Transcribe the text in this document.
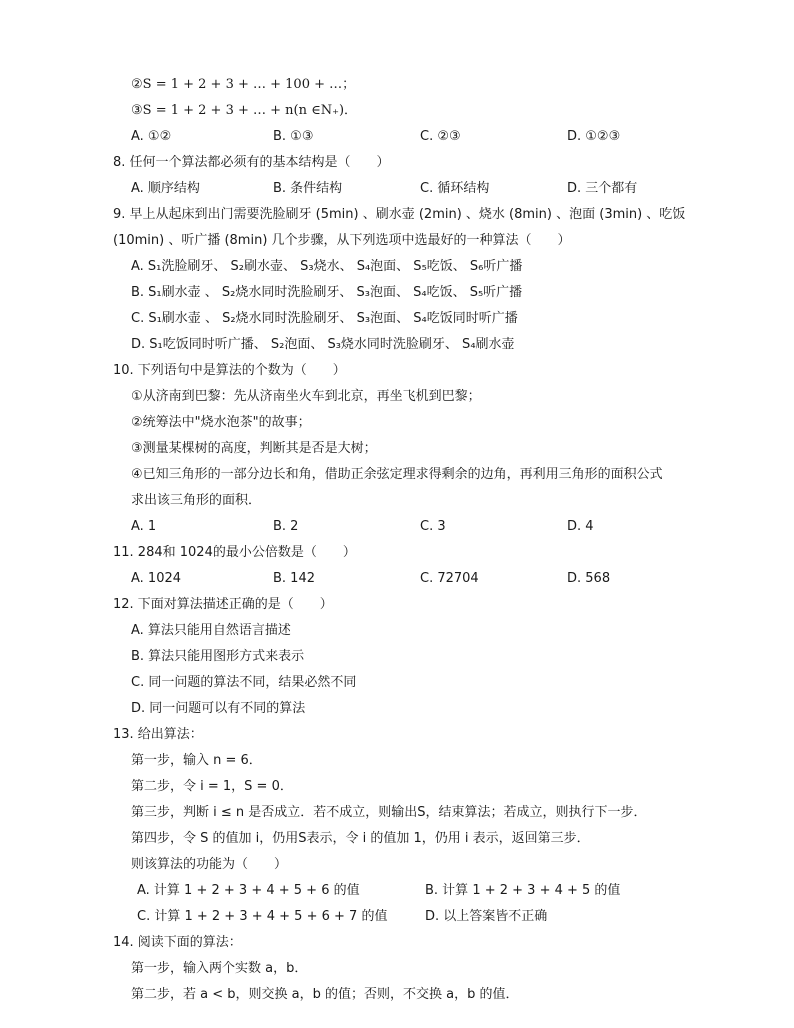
②S = 1 + 2 + 3 + … + 100 + …；
③S = 1 + 2 + 3 + … + n(n ∈N₊)．
A. ①②	B. ①③	C. ②③	D. ①②③
8. 任何一个算法都必须有的基本结构是（　　）
A. 顺序结构	B. 条件结构	C. 循环结构	D. 三个都有
9. 早上从起床到出门需要洗脸刷牙 (5min) 、刷水壶 (2min) 、烧水 (8min) 、泡面 (3min) 、吃饭
(10min) 、听广播 (8min) 几个步骤，从下列选项中选最好的一种算法（　　）
A. S₁洗脸刷牙、 S₂刷水壶、 S₃烧水、 S₄泡面、 S₅吃饭、 S₆听广播
B. S₁刷水壶 、 S₂烧水同时洗脸刷牙、 S₃泡面、 S₄吃饭、 S₅听广播
C. S₁刷水壶 、 S₂烧水同时洗脸刷牙、 S₃泡面、 S₄吃饭同时听广播
D. S₁吃饭同时听广播、 S₂泡面、 S₃烧水同时洗脸刷牙、 S₄刷水壶
10. 下列语句中是算法的个数为（　　）
①从济南到巴黎：先从济南坐火车到北京，再坐飞机到巴黎；
②统筹法中"烧水泡茶"的故事；
③测量某棵树的高度，判断其是否是大树；
④已知三角形的一部分边长和角，借助正余弦定理求得剩余的边角，再利用三角形的面积公式
求出该三角形的面积．
A. 1	B. 2	C. 3	D. 4
11. 284和 1024的最小公倍数是（　　）
A. 1024	B. 142	C. 72704	D. 568
12. 下面对算法描述正确的是（　　）
A. 算法只能用自然语言描述
B. 算法只能用图形方式来表示
C. 同一问题的算法不同，结果必然不同
D. 同一问题可以有不同的算法
13. 给出算法：
第一步，输入 n = 6．
第二步，令 i = 1，S = 0．
第三步，判断 i ≤ n 是否成立．若不成立，则输出S，结束算法；若成立，则执行下一步．
第四步，令 S 的值加 i，仍用S表示，令 i 的值加 1，仍用 i 表示，返回第三步．
则该算法的功能为（　　）
A. 计算 1 + 2 + 3 + 4 + 5 + 6 的值	B. 计算 1 + 2 + 3 + 4 + 5 的值
C. 计算 1 + 2 + 3 + 4 + 5 + 6 + 7 的值	D. 以上答案皆不正确
14. 阅读下面的算法：
第一步，输入两个实数 a，b．
第二步，若 a < b，则交换 a，b 的值；否则，不交换 a，b 的值．
